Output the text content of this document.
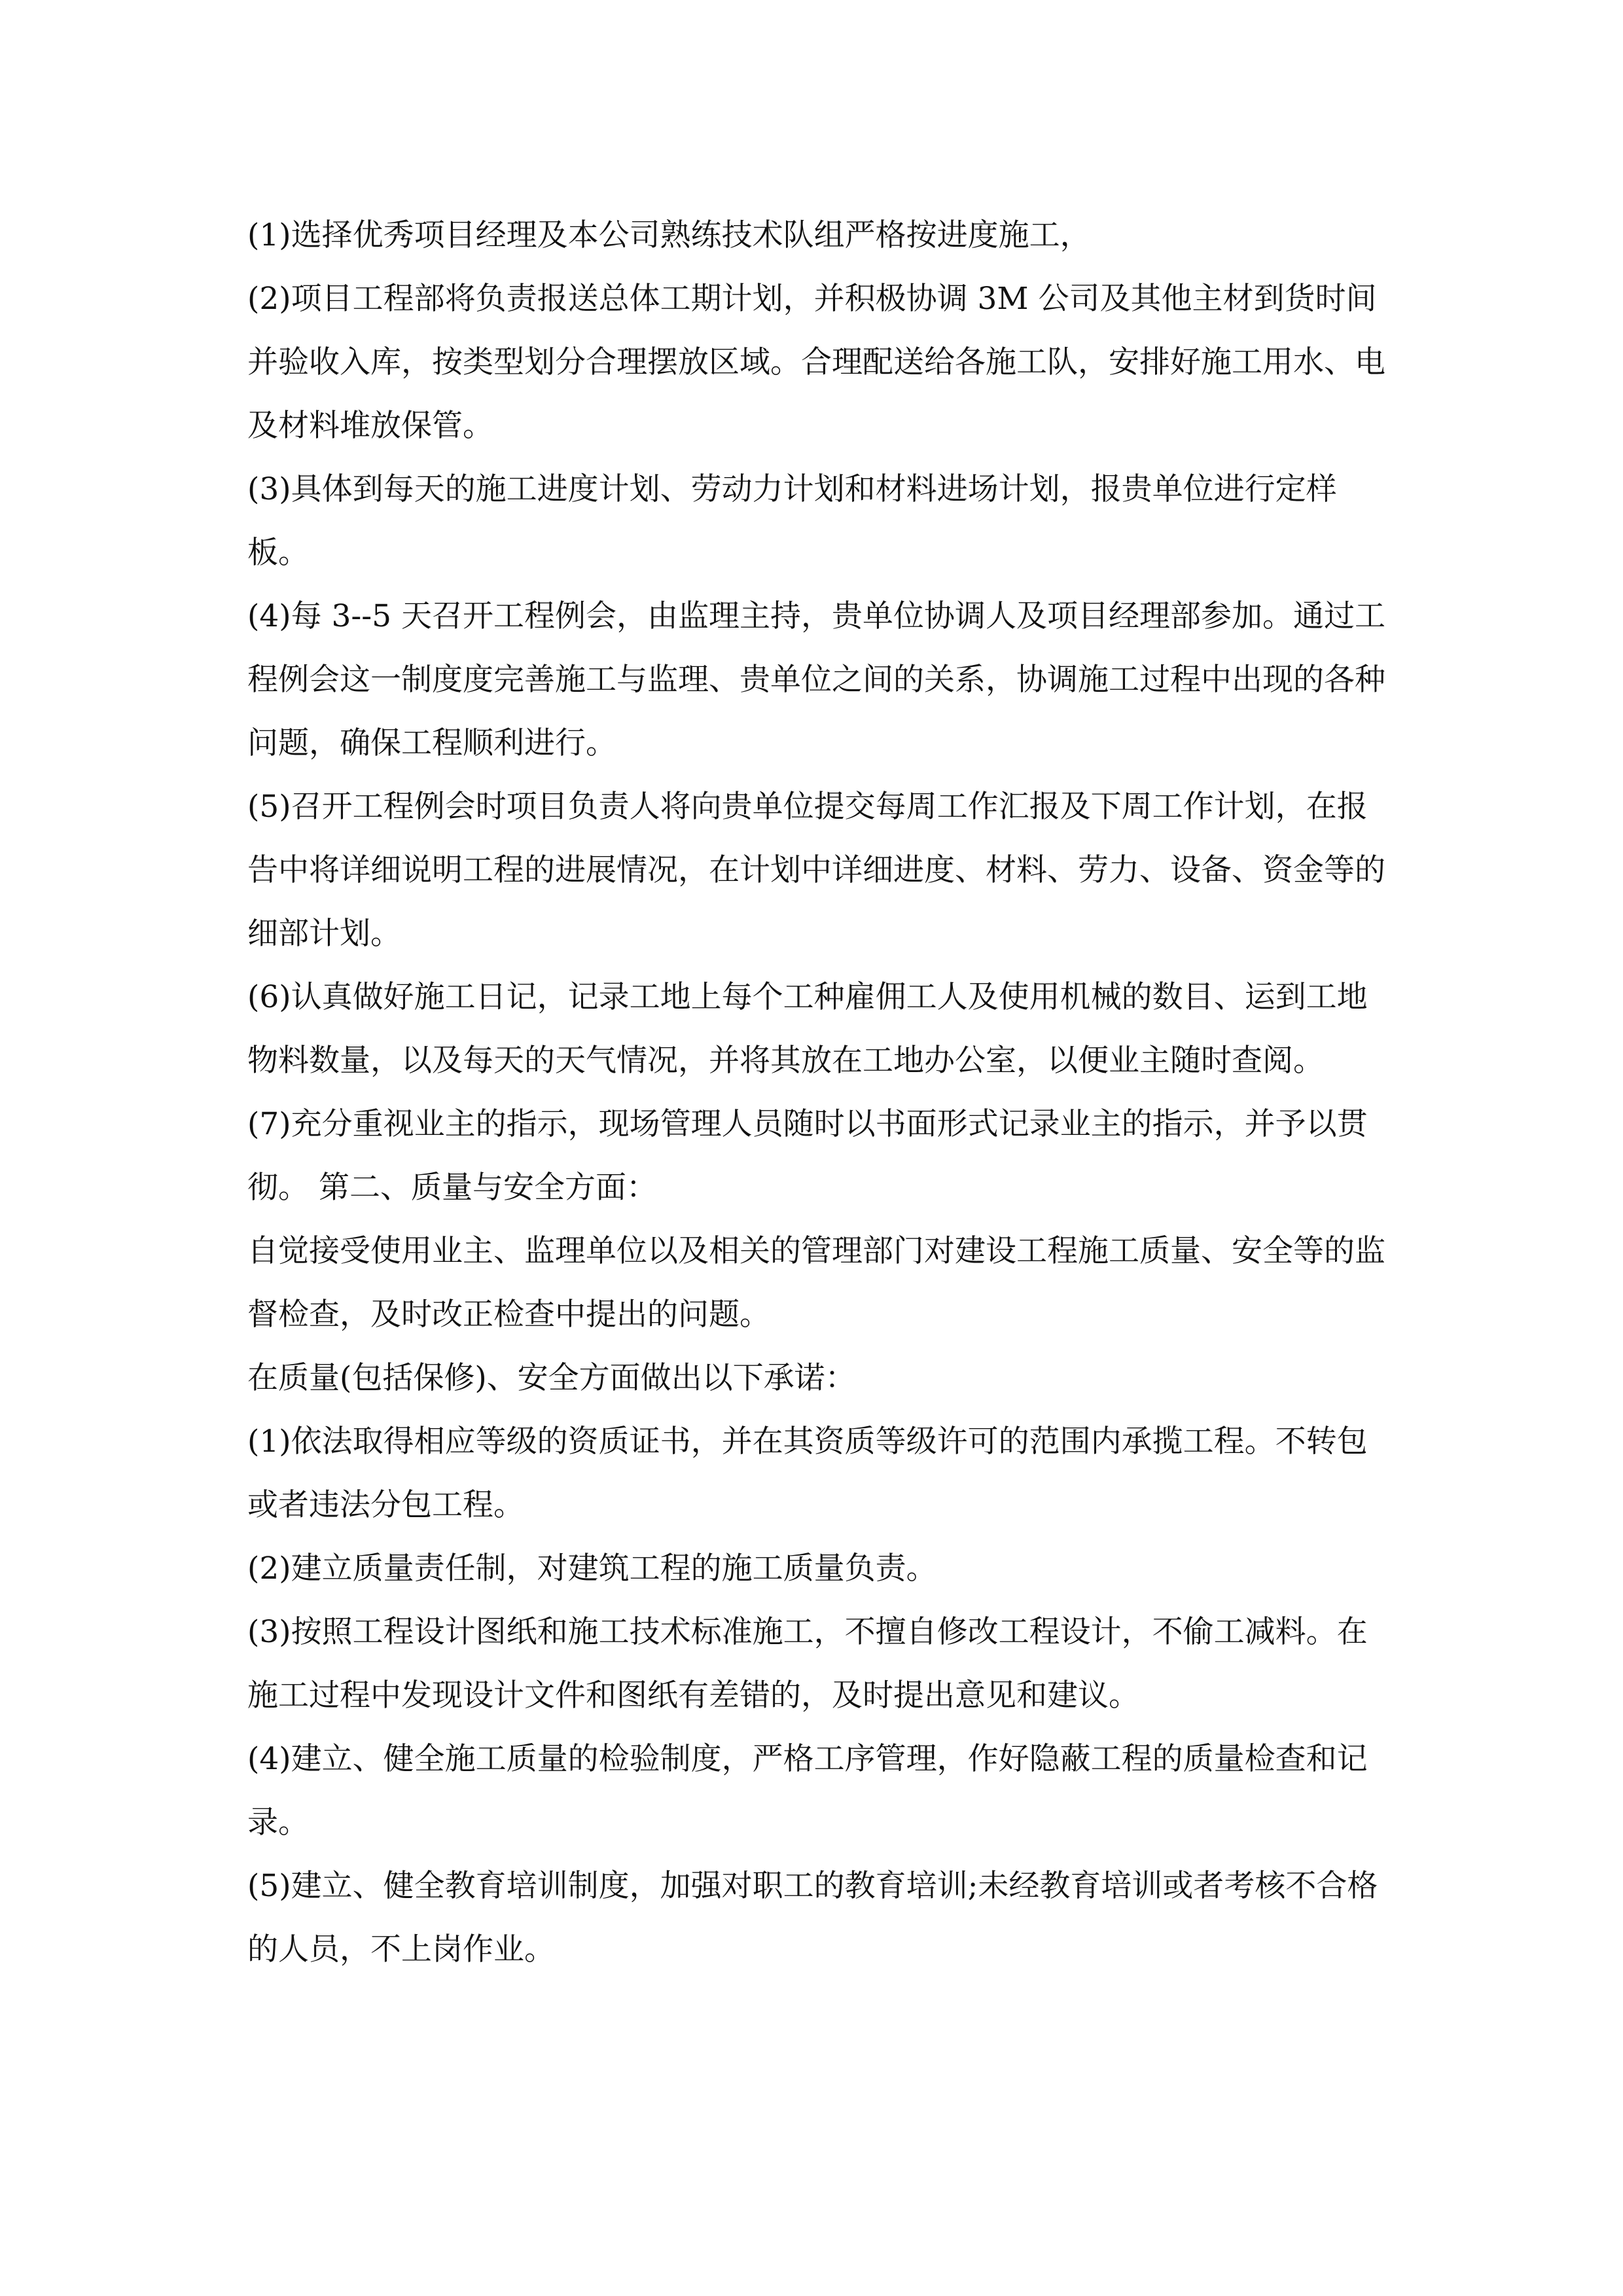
(1)选择优秀项目经理及本公司熟练技术队组严格按进度施工，

(2)项目工程部将负责报送总体工期计划，并积极协调 3M 公司及其他主材到货时间并验收入库，按类型划分合理摆放区域。合理配送给各施工队，安排好施工用水、电及材料堆放保管。

(3)具体到每天的施工进度计划、劳动力计划和材料进场计划，报贵单位进行定样板。

(4)每 3--5 天召开工程例会，由监理主持，贵单位协调人及项目经理部参加。通过工程例会这一制度度完善施工与监理、贵单位之间的关系，协调施工过程中出现的各种问题，确保工程顺利进行。

(5)召开工程例会时项目负责人将向贵单位提交每周工作汇报及下周工作计划，在报告中将详细说明工程的进展情况，在计划中详细进度、材料、劳力、设备、资金等的细部计划。

(6)认真做好施工日记，记录工地上每个工种雇佣工人及使用机械的数目、运到工地物料数量，以及每天的天气情况，并将其放在工地办公室，以便业主随时查阅。

(7)充分重视业主的指示，现场管理人员随时以书面形式记录业主的指示，并予以贯彻。 第二、质量与安全方面：

自觉接受使用业主、监理单位以及相关的管理部门对建设工程施工质量、安全等的监督检查，及时改正检查中提出的问题。

在质量(包括保修)、安全方面做出以下承诺：

(1)依法取得相应等级的资质证书，并在其资质等级许可的范围内承揽工程。不转包或者违法分包工程。

(2)建立质量责任制，对建筑工程的施工质量负责。

(3)按照工程设计图纸和施工技术标准施工，不擅自修改工程设计，不偷工减料。在施工过程中发现设计文件和图纸有差错的，及时提出意见和建议。

(4)建立、健全施工质量的检验制度，严格工序管理，作好隐蔽工程的质量检查和记录。

(5)建立、健全教育培训制度，加强对职工的教育培训;未经教育培训或者考核不合格的人员，不上岗作业。
